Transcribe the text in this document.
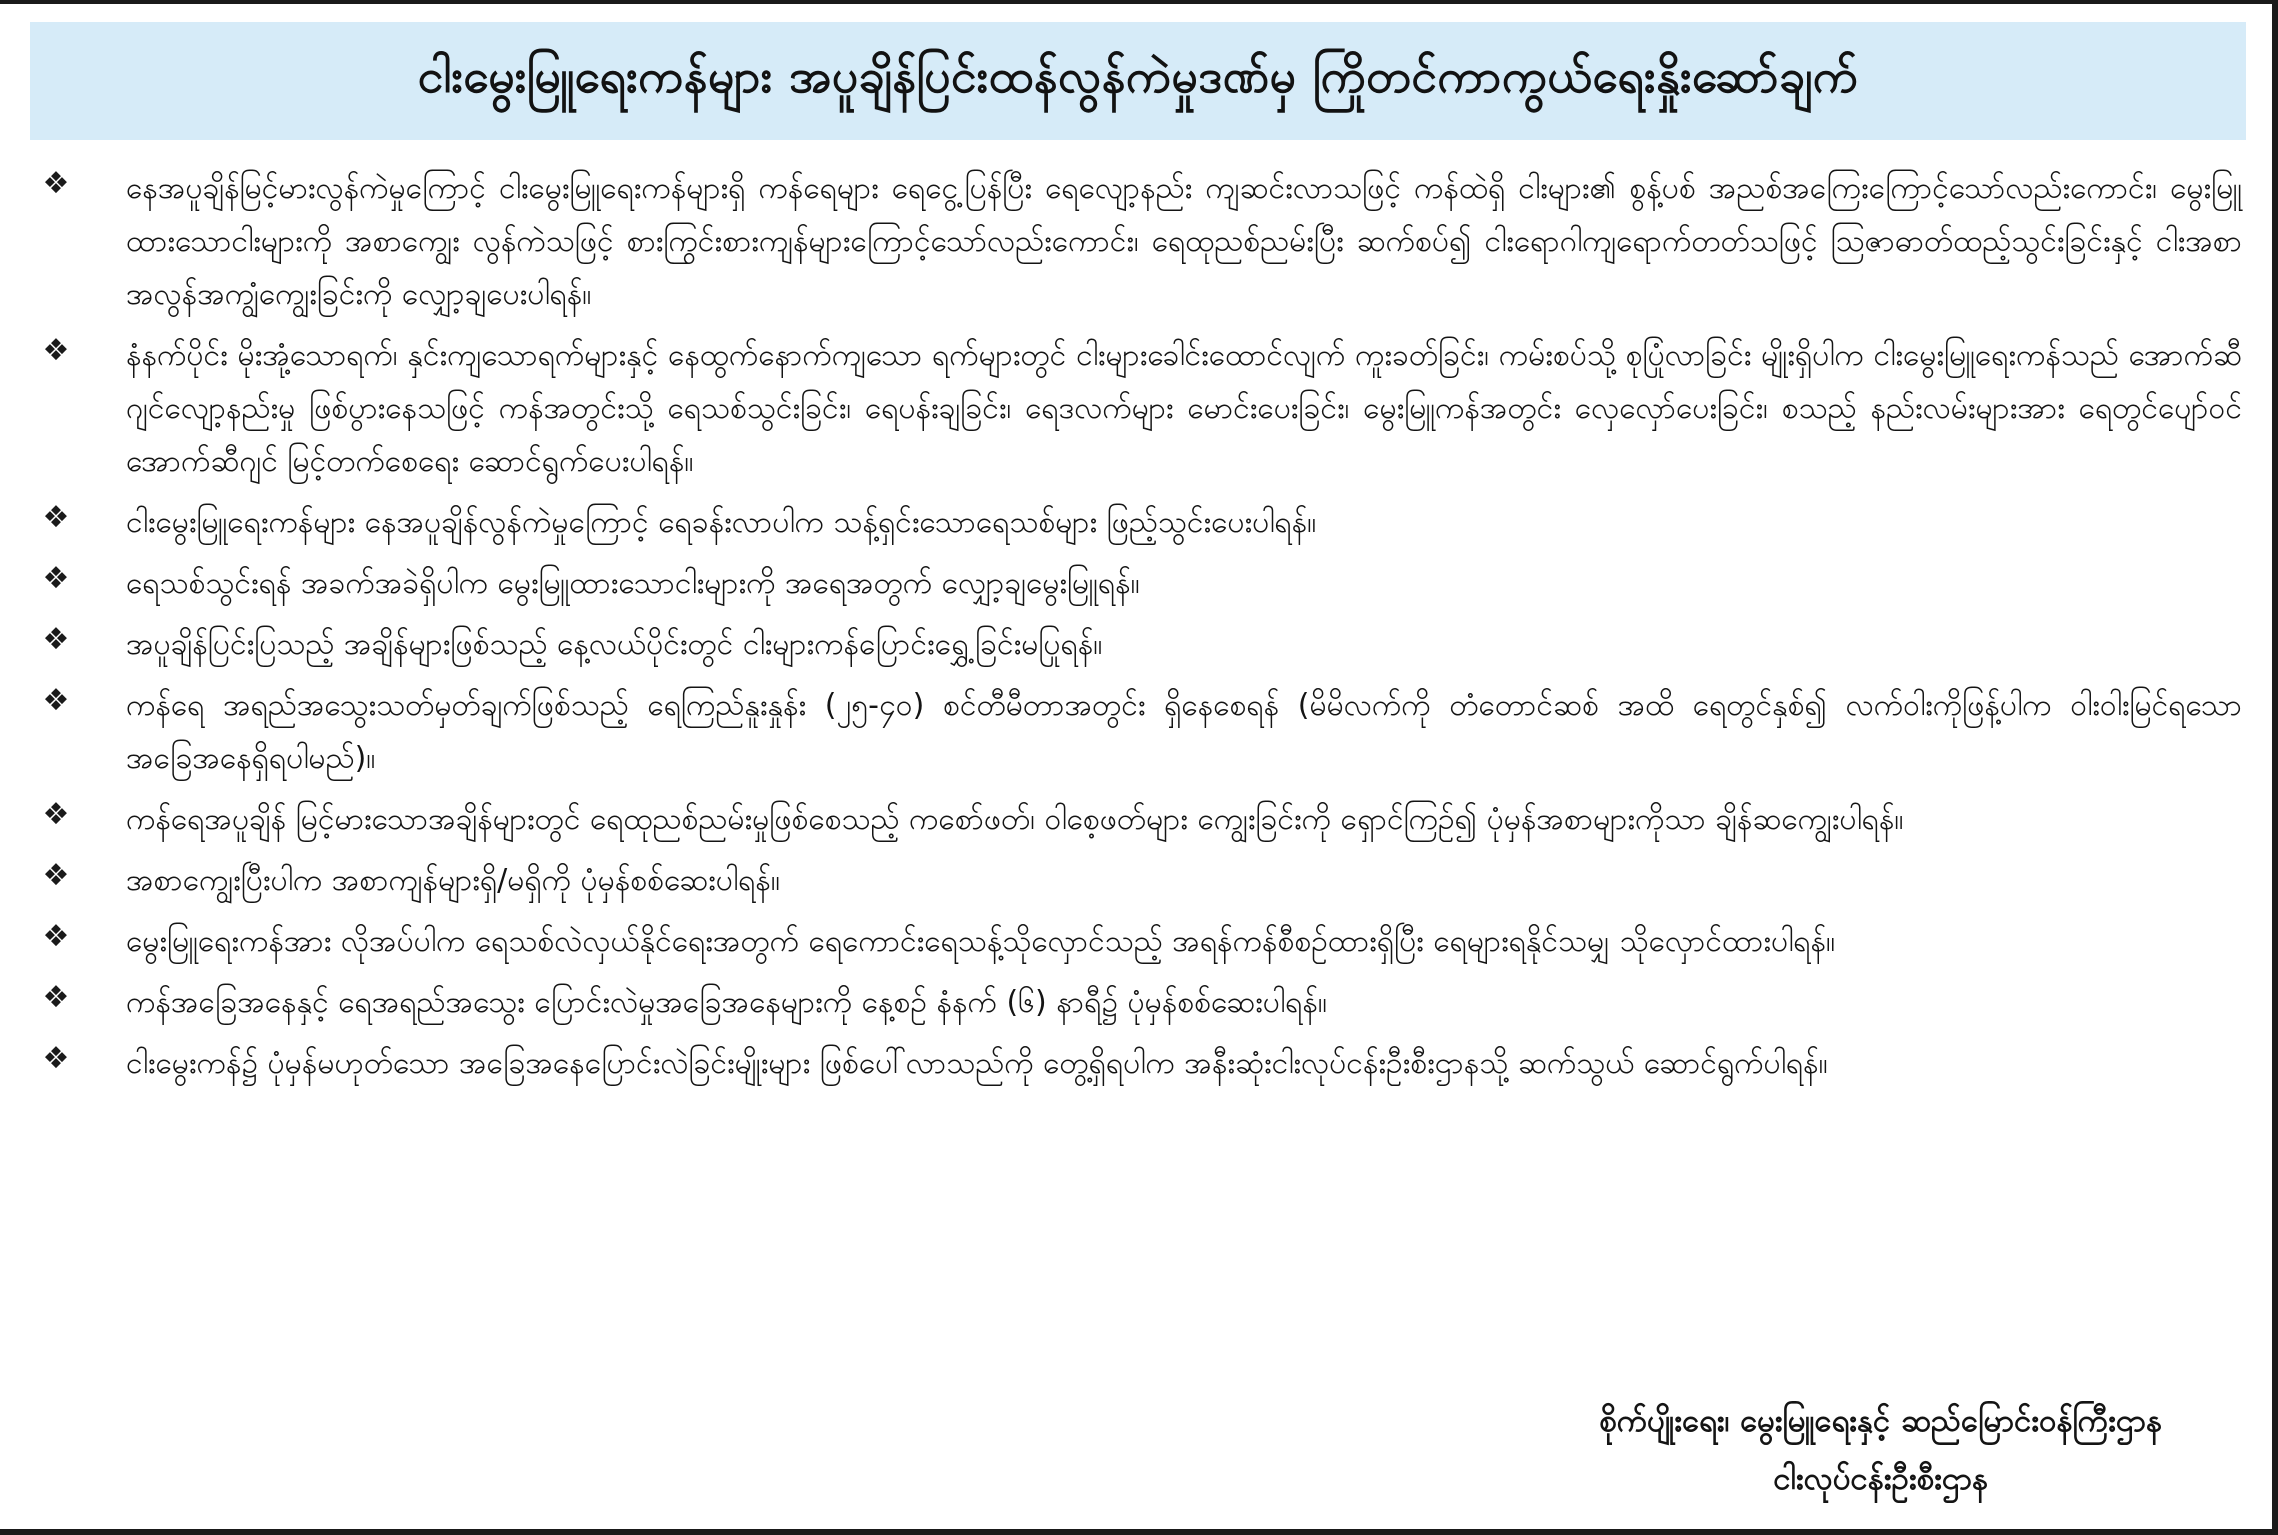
ငါးမွေးမြူရေးကန်များ အပူချိန်ပြင်းထန်လွန်ကဲမှုဒဏ်မှ ကြိုတင်ကာကွယ်ရေးနှိုးဆော်ချက်
❖ နေအပူချိန်မြင့်မားလွန်ကဲမှုကြောင့် ငါးမွေးမြူရေးကန်များရှိ ကန်ရေများ ရေငွေ့ပြန်ပြီး ရေလျော့နည်း ကျဆင်းလာသဖြင့် ကန်ထဲရှိ ငါးများ၏ စွန့်ပစ် အညစ်အကြေးကြောင့်သော်လည်းကောင်း၊ မွေးမြူထားသောငါးများကို အစာကျွေး လွန်ကဲသဖြင့် စားကြွင်းစားကျန်များကြောင့်သော်လည်းကောင်း၊ ရေထုညစ်ညမ်းပြီး ဆက်စပ်၍ ငါးရောဂါကျရောက်တတ်သဖြင့် ဩဇာဓာတ်ထည့်သွင်းခြင်းနှင့် ငါးအစာအလွန်အကျွံကျွေးခြင်းကို လျှော့ချပေးပါရန်။
❖ နံနက်ပိုင်း မိုးအုံ့သောရက်၊ နှင်းကျသောရက်များနှင့် နေထွက်နောက်ကျသော ရက်များတွင် ငါးများခေါင်းထောင်လျက် ကူးခတ်ခြင်း၊ ကမ်းစပ်သို့ စုပြုံလာခြင်း မျိုးရှိပါက ငါးမွေးမြူရေးကန်သည် အောက်ဆီဂျင်လျော့နည်းမှု ဖြစ်ပွားနေသဖြင့် ကန်အတွင်းသို့ ရေသစ်သွင်းခြင်း၊ ရေပန်းချခြင်း၊ ရေဒလက်များ မောင်းပေးခြင်း၊ မွေးမြူကန်အတွင်း လှေလှော်ပေးခြင်း၊ စသည့် နည်းလမ်းများအား ရေတွင်ပျော်ဝင်အောက်ဆီဂျင် မြင့်တက်စေရေး ဆောင်ရွက်ပေးပါရန်။
❖ ငါးမွေးမြူရေးကန်များ နေအပူချိန်လွန်ကဲမှုကြောင့် ရေခန်းလာပါက သန့်ရှင်းသောရေသစ်များ ဖြည့်သွင်းပေးပါရန်။
❖ ရေသစ်သွင်းရန် အခက်အခဲရှိပါက မွေးမြူထားသောငါးများကို အရေအတွက် လျှော့ချမွေးမြူရန်။
❖ အပူချိန်ပြင်းပြသည့် အချိန်များဖြစ်သည့် နေ့လယ်ပိုင်းတွင် ငါးများကန်ပြောင်းရွှေ့ခြင်းမပြုရန်။
❖ ကန်ရေ အရည်အသွေးသတ်မှတ်ချက်ဖြစ်သည့် ရေကြည်နူးနှုန်း (၂၅-၄၀) စင်တီမီတာအတွင်း ရှိနေစေရန် (မိမိလက်ကို တံတောင်ဆစ် အထိ ရေတွင်နှစ်၍ လက်ဝါးကိုဖြန့်ပါက ဝါးဝါးမြင်ရသော အခြေအနေရှိရပါမည်)။
❖ ကန်ရေအပူချိန် မြင့်မားသောအချိန်များတွင် ရေထုညစ်ညမ်းမှုဖြစ်စေသည့် ကစော်ဖတ်၊ ဝါစေ့ဖတ်များ ကျွေးခြင်းကို ရှောင်ကြဉ်၍ ပုံမှန်အစာများကိုသာ ချိန်ဆကျွေးပါရန်။
❖ အစာကျွေးပြီးပါက အစာကျန်များရှိ/မရှိကို ပုံမှန်စစ်ဆေးပါရန်။
❖ မွေးမြူရေးကန်အား လိုအပ်ပါက ရေသစ်လဲလှယ်နိုင်ရေးအတွက် ရေကောင်းရေသန့်သိုလှောင်သည့် အရန်ကန်စီစဉ်ထားရှိပြီး ရေများရနိုင်သမျှ သိုလှောင်ထားပါရန်။
❖ ကန်အခြေအနေနှင့် ရေအရည်အသွေး ပြောင်းလဲမှုအခြေအနေများကို နေ့စဉ် နံနက် (၆) နာရီ၌ ပုံမှန်စစ်ဆေးပါရန်။
❖ ငါးမွေးကန်၌ ပုံမှန်မဟုတ်သော အခြေအနေပြောင်းလဲခြင်းမျိုးများ ဖြစ်ပေါ်လာသည်ကို တွေ့ရှိရပါက အနီးဆုံးငါးလုပ်ငန်းဦးစီးဌာနသို့ ဆက်သွယ် ဆောင်ရွက်ပါရန်။
စိုက်ပျိုးရေး၊ မွေးမြူရေးနှင့် ဆည်မြောင်းဝန်ကြီးဌာန
ငါးလုပ်ငန်းဦးစီးဌာန
